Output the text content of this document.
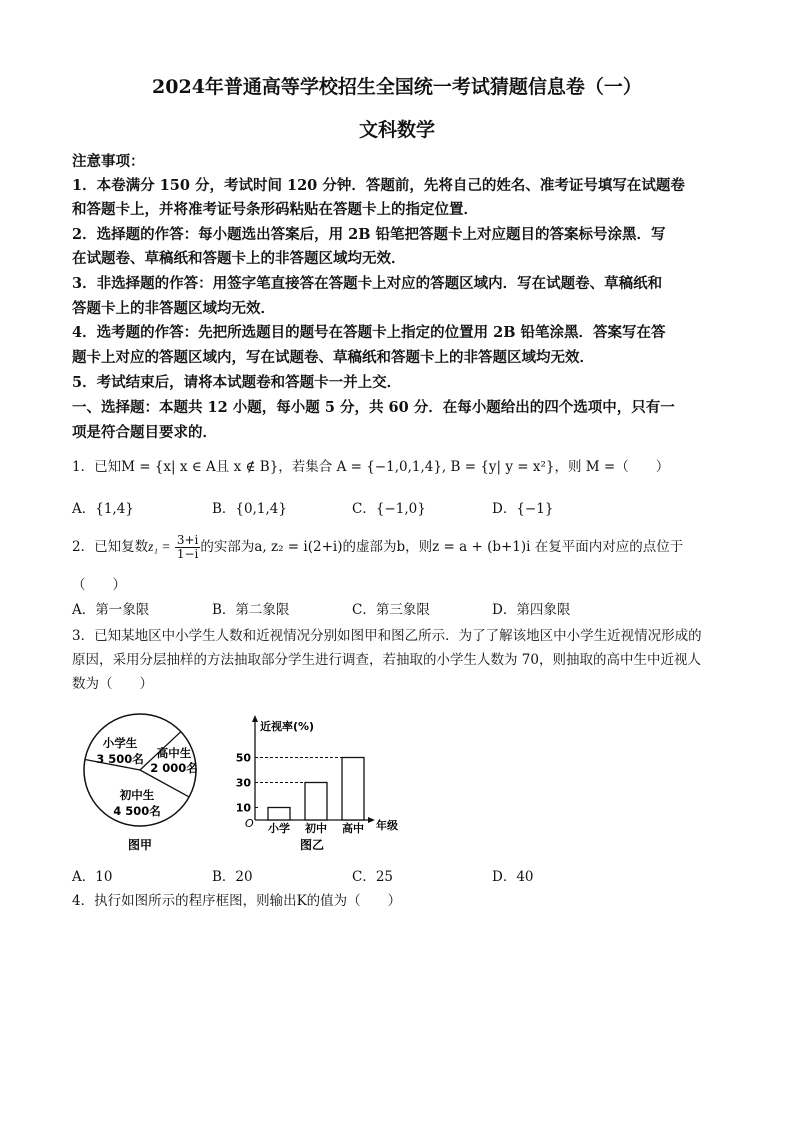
2024年普通高等学校招生全国统一考试猜题信息卷（一）
文科数学
注意事项：
1．本卷满分 150 分，考试时间 120 分钟．答题前，先将自己的姓名、准考证号填写在试题卷
和答题卡上，并将准考证号条形码粘贴在答题卡上的指定位置．
2．选择题的作答：每小题选出答案后，用 2B 铅笔把答题卡上对应题目的答案标号涂黑．写
在试题卷、草稿纸和答题卡上的非答题区域均无效．
3．非选择题的作答：用签字笔直接答在答题卡上对应的答题区域内．写在试题卷、草稿纸和
答题卡上的非答题区域均无效．
4．选考题的作答：先把所选题目的题号在答题卡上指定的位置用 2B 铅笔涂黑．答案写在答
题卡上对应的答题区域内，写在试题卷、草稿纸和答题卡上的非答题区域均无效．
5．考试结束后，请将本试题卷和答题卡一并上交．
一、选择题：本题共 12 小题，每小题 5 分，共 60 分．在每小题给出的四个选项中，只有一
项是符合题目要求的．
1．已知M = {x| x ∈ A且 x ∉ B}，若集合 A = {−1,0,1,4}, B = {y| y = x²}，则 M =（　　）
A．{1,4}	B．{0,1,4}	C．{−1,0}	D．{−1}
2．已知复数$z_1 = \frac{3+i}{1-i}$ 的实部为a, z₂ = i(2+i)的虚部为b，则z = a + (b+1)i 在复平面内对应的点位于
（　　）
A．第一象限	B．第二象限	C．第三象限	D．第四象限
3．已知某地区中小学生人数和近视情况分别如图甲和图乙所示．为了了解该地区中小学生近视情况形成的
原因，采用分层抽样的方法抽取部分学生进行调查，若抽取的小学生人数为 70，则抽取的高中生中近视人
数为（　　）
小学生
3 500名 高中生
2 000名
初中生
4 500名
图甲
近视率(%)
O	年级
图乙
小学 初中 高中
10
30
50
A．10	B．20	C．25	D．40
4．执行如图所示的程序框图，则输出K的值为（　　）
